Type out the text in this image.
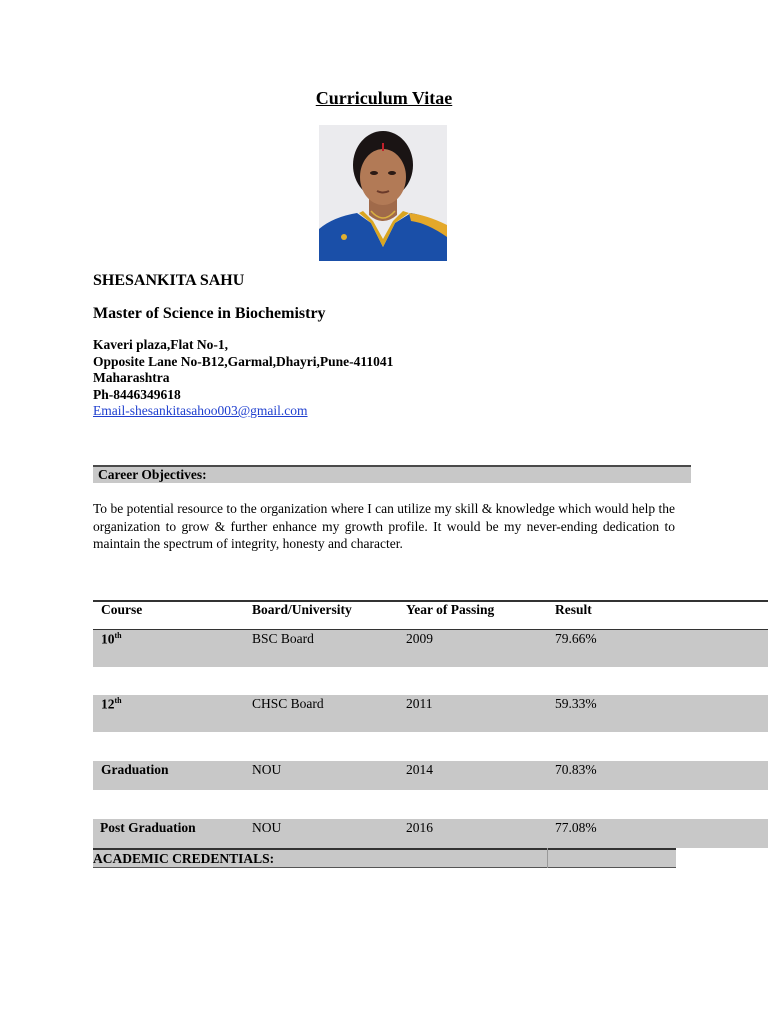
Curriculum Vitae
SHESANKITA SAHU
Master of Science in Biochemistry
Kaveri plaza,Flat No-1,
Opposite Lane No-B12,Garmal,Dhayri,Pune-411041
Maharashtra
Ph-8446349618
Email-shesankitasahoo003@gmail.com
Career Objectives:
To be potential resource to the organization where I can utilize my skill & knowledge which would help the organization to grow & further enhance my growth profile. It would be my never-ending dedication to maintain the spectrum of integrity, honesty and character.
Course	Board/University	Year of Passing	Result
10th	BSC Board	2009	79.66%
12th	CHSC Board	2011	59.33%
Graduation	NOU	2014	70.83%
Post Graduation	NOU	2016	77.08%
ACADEMIC CREDENTIALS:
